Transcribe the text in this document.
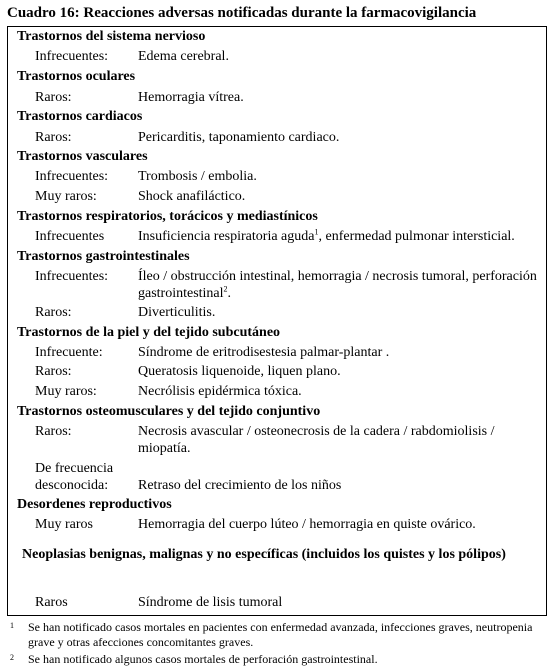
Cuadro 16: Reacciones adversas notificadas durante la farmacovigilancia
Trastornos del sistema nervioso
Infrecuentes: Edema cerebral.
Trastornos oculares
Raros:	Hemorragia vítrea.
Trastornos cardiacos
Raros:	Pericarditis, taponamiento cardiaco.
Trastornos vasculares
Infrecuentes: Trombosis / embolia.
Muy raros:	Shock anafiláctico.
Trastornos respiratorios, torácicos y mediastínicos
Infrecuentes Insuficiencia respiratoria aguda$^1$, enfermedad pulmonar intersticial.
Trastornos gastrointestinales
Infrecuentes: Íleo / obstrucción intestinal, hemorragia / necrosis tumoral, perforación gastrointestinal$^2$.
Raros:	Diverticulitis.
Trastornos de la piel y del tejido subcutáneo
Infrecuente:	Síndrome de eritrodisestesia palmar-plantar .
Raros:	Queratosis liquenoide, liquen plano.
Muy raros:	Necrólisis epidérmica tóxica.
Trastornos osteomusculares y del tejido conjuntivo
Raros:	Necrosis avascular / osteonecrosis de la cadera / rabdomiolisis / miopatía.
De frecuencia desconocida:	Retraso del crecimiento de los niños
Desordenes reproductivos
Muy raros	Hemorragia del cuerpo lúteo / hemorragia en quiste ovárico.
Neoplasias benignas, malignas y no específicas (incluidos los quistes y los pólipos)
Raros	Síndrome de lisis tumoral
1 Se han notificado casos mortales en pacientes con enfermedad avanzada, infecciones graves, neutropenia grave y otras afecciones concomitantes graves.
2 Se han notificado algunos casos mortales de perforación gastrointestinal.
